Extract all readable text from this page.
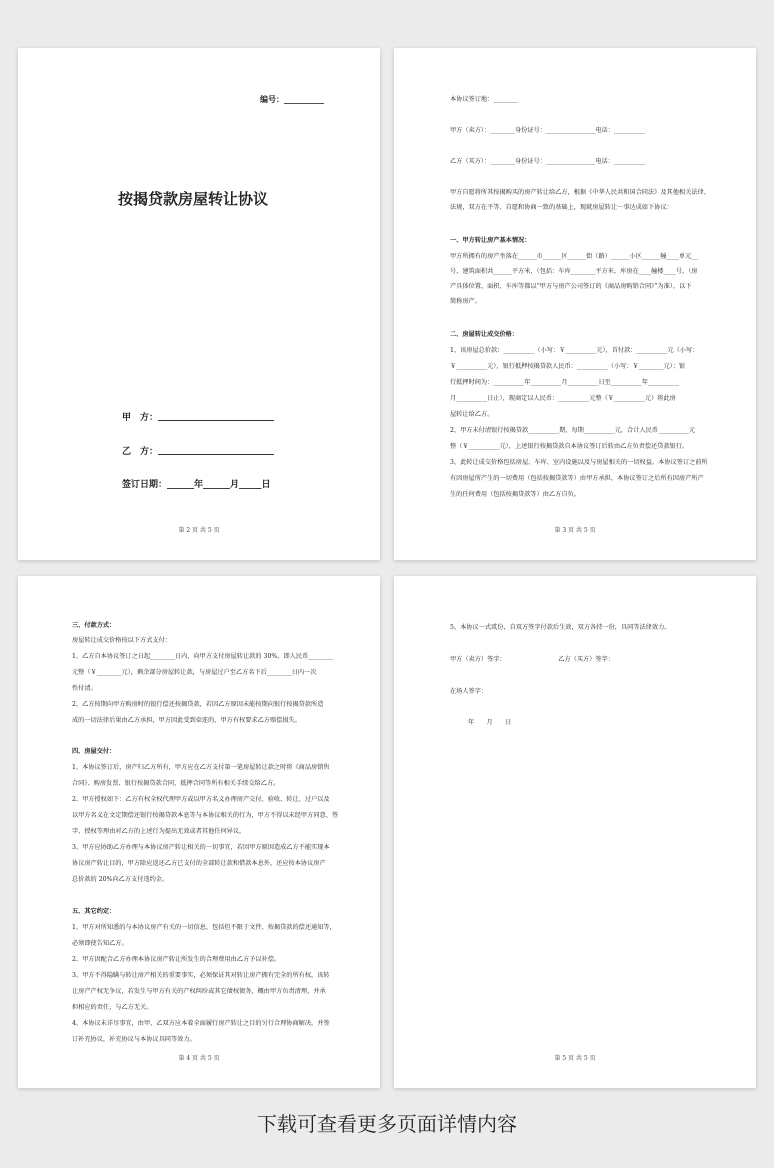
编号：__________
按揭贷款房屋转让协议
甲　方：
乙　方：
签订日期：______年______月_____日
第 2 页 共 5 页
本协议签订地：________
甲方（卖方）：________身份证号：________________电话：__________
乙方（买方）：________身份证号：________________电话：__________
甲方自愿将所其按揭购买的房产转让给乙方，根据《中华人民共和国合同法》及其他相关法律、
法规，双方在平等、自愿和协商一致的基础上，现就房屋转让一事达成如下协议：
一、甲方转让房产基本情况：
甲方所拥有的房产坐落在______市______区______街（路）______小区______幢____单元__
号，建筑面积共______平方米，（包括：车库________平方米，库房在____幢楼____号，（房
产具体位置、面积、车库等都以“甲方与房产公司签订的《商品房购销合同》”为准），以下
简称房产。
二、房屋转让成交价格：
1、该房屋总价款：__________（小写：￥__________元），首付款：__________元（小写：
￥__________元），银行抵押按揭贷款人民币：__________（小写：￥________元）；银
行抵押时间为：__________年__________月__________日至__________年__________
月__________日止），现商定以人民币：__________元整（￥__________元）将此房
屋转让给乙方。
2、甲方未付清银行按揭贷款__________期，每期__________元，合计人民币__________元
整（￥__________元），上述银行按揭贷款自本协议签订后转由乙方负责偿还贷款银行。
3、此转让成交价格包括房屋、车库、室内设施以及与房屋相关的一切权益。本协议签订之前所
有因房屋所产生的一切费用（包括按揭贷款等）由甲方承担，本协议签订之后所有因房产所产
生的任何费用（包括按揭贷款等）由乙方自负。
第 3 页 共 5 页
三、付款方式：
房屋转让成交价格按以下方式支付：
1、乙方自本协议签订之日起________日内，向甲方支付房屋转让款的 30%，即人民币________
元整（￥________元），剩余部分房屋转让款，与房屋过户至乙方名下后________日内一次
性付清。
2、乙方按期向甲方购房时的银行偿还按揭贷款，若因乙方原因未能按期向银行按揭贷款所造
成的一切法律后果由乙方承担，甲方因此受到牵连的，甲方有权要求乙方赔偿损失。
四、房屋交付：
1、本协议签订后，房产归乙方所有，甲方应在乙方支付第一笔房屋转让款之时将《商品房销售
合同》、购房发票、银行按揭贷款合同、抵押合同等所有相关手续交给乙方。
2、甲方授权如下：乙方有权全权代理甲方或以甲方名义办理房产交付、验收、转让、过户以及
以甲方名义在文定期偿还银行按揭贷款本息等与本协议相关的行为，甲方不得以未经甲方同意、签
字、授权等理由对乙方的上述行为提出无效或者其他任何异议。
3、甲方应协助乙方办理与本协议房产转让相关的一切事宜，若因甲方原因造成乙方不能实现本
协议房产转让目的，甲方除应返还乙方已支付的全部转让款和借款本息外，还应按本协议房产
总价款的 20%向乙方支付违约金。
五、其它约定：
1、甲方对所知悉的与本协议房产有关的一切信息，包括但不限于文件、按揭贷款的偿还通知等，
必须即使告知乙方。
2、甲方因配合乙方办理本协议房产转让所发生的合理费用由乙方予以补偿。
3、甲方不得隐瞒与转让房产相关的重要事实，必须保证其对转让房产拥有完全的所有权，该转
让房产产权无争议，若发生与甲方有关的产权纠纷或其它债权债务，概由甲方负责清理，并承
担相应的责任，与乙方无关。
4、本协议未详尽事宜，由甲、乙双方应本着全面履行房产转让之目的另行合理协商解决，并签
订补充协议，补充协议与本协议具同等效力。
第 4 页 共 5 页
5、本协议一式贰份，自双方签字付款后生效，双方各持一份，具同等法律效力。
甲方（卖方）签字：　　　　　　　　　乙方（买方）签字：
在场人签字：
年　　月　　日
第 5 页 共 5 页
下载可查看更多页面详情内容
